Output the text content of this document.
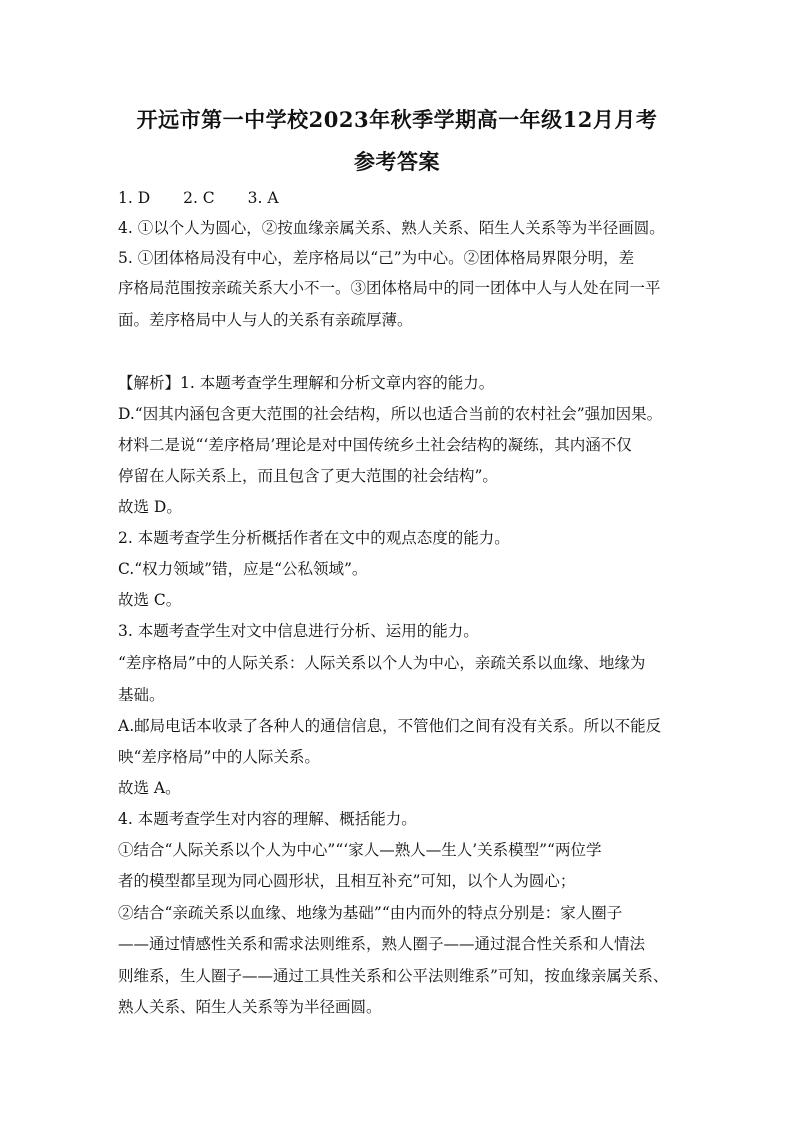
开远市第一中学校2023年秋季学期高一年级12月月考
参考答案
1. D 2. C 3. A
4. ①以个人为圆心，②按血缘亲属关系、熟人关系、陌生人关系等为半径画圆。
5. ①团体格局没有中心，差序格局以“己”为中心。②团体格局界限分明，差
序格局范围按亲疏关系大小不一。③团体格局中的同一团体中人与人处在同一平
面。差序格局中人与人的关系有亲疏厚薄。
【解析】1. 本题考查学生理解和分析文章内容的能力。
D.“因其内涵包含更大范围的社会结构，所以也适合当前的农村社会”强加因果。
材料二是说“‘差序格局’理论是对中国传统乡土社会结构的凝练，其内涵不仅
停留在人际关系上，而且包含了更大范围的社会结构”。
故选 D。
2. 本题考查学生分析概括作者在文中的观点态度的能力。
C.“权力领域”错，应是“公私领域”。
故选 C。
3. 本题考查学生对文中信息进行分析、运用的能力。
“差序格局”中的人际关系：人际关系以个人为中心，亲疏关系以血缘、地缘为
基础。
A.邮局电话本收录了各种人的通信信息，不管他们之间有没有关系。所以不能反
映“差序格局”中的人际关系。
故选 A。
4. 本题考查学生对内容的理解、概括能力。
①结合“人际关系以个人为中心”“‘家人—熟人—生人’关系模型”“两位学
者的模型都呈现为同心圆形状，且相互补充”可知，以个人为圆心；
②结合“亲疏关系以血缘、地缘为基础”“由内而外的特点分别是：家人圈子
——通过情感性关系和需求法则维系，熟人圈子——通过混合性关系和人情法
则维系，生人圈子——通过工具性关系和公平法则维系”可知，按血缘亲属关系、
熟人关系、陌生人关系等为半径画圆。
